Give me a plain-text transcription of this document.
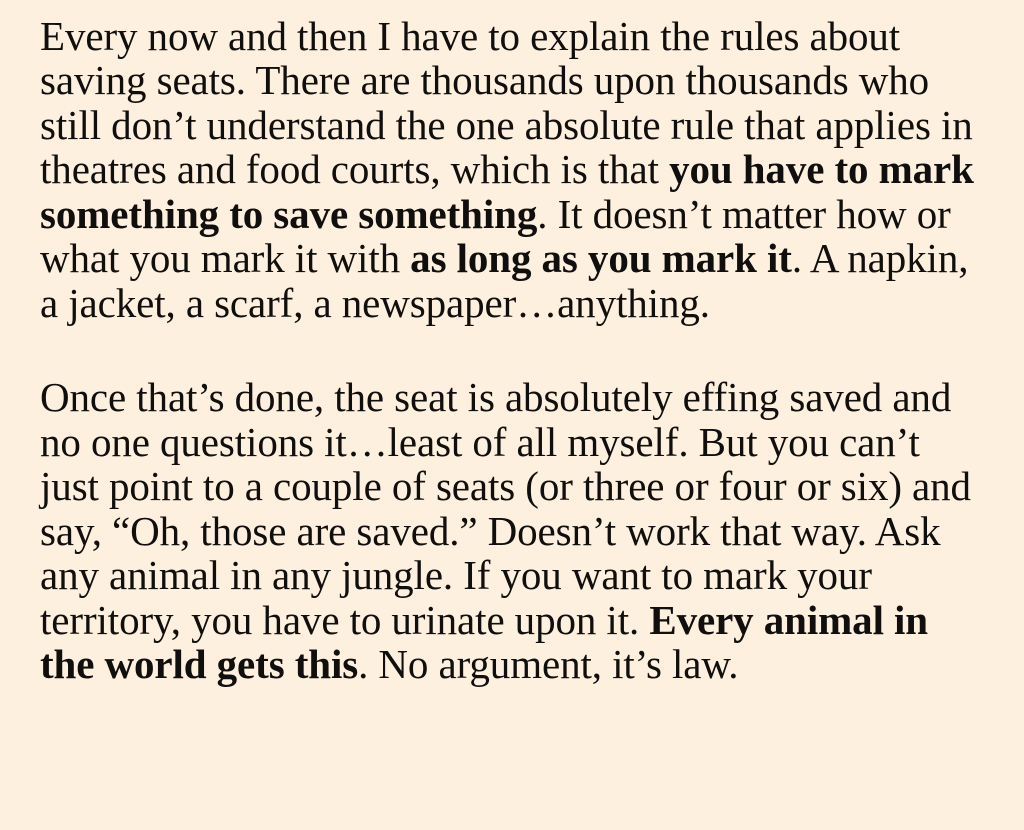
Every now and then I have to explain the rules about saving seats. There are thousands upon thousands who still don’t understand the one absolute rule that applies in theatres and food courts, which is that you have to mark something to save something. It doesn’t matter how or what you mark it with as long as you mark it. A napkin, a jacket, a scarf, a newspaper…anything.

Once that’s done, the seat is absolutely effing saved and no one questions it…least of all myself. But you can’t just point to a couple of seats (or three or four or six) and say, “Oh, those are saved.” Doesn’t work that way. Ask any animal in any jungle. If you want to mark your territory, you have to urinate upon it. Every animal in the world gets this. No argument, it’s law.
